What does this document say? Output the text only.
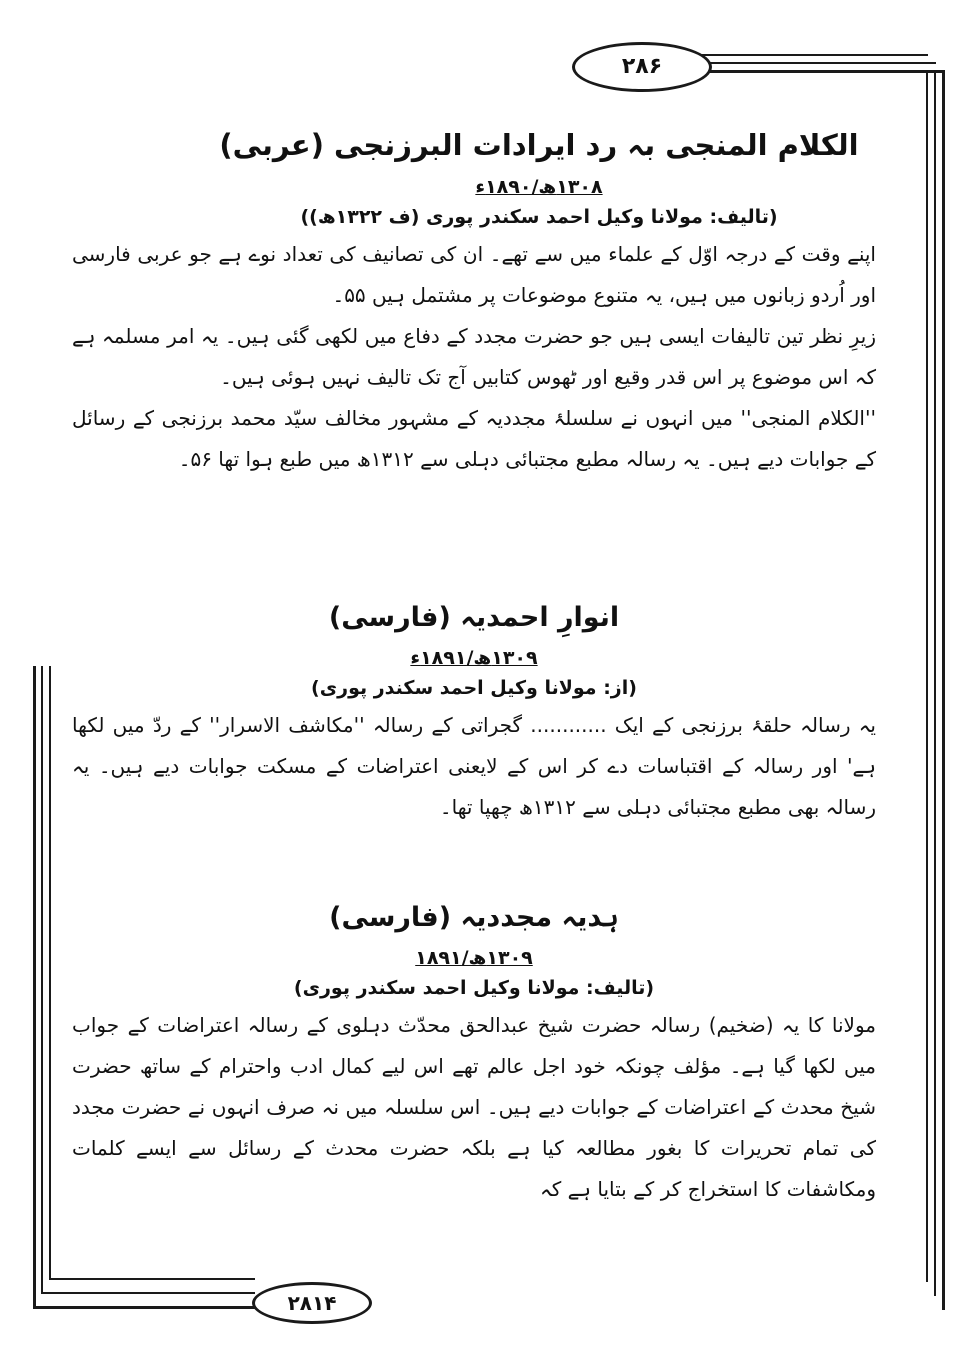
۲۸۶
۲۸۱۴
الکلام المنجی بہ رد ایرادات البرزنجی (عربی)

۱۳۰۸ھ/۱۸۹۰ء

(تالیف: مولانا وکیل احمد سکندر پوری (ف ۱۳۲۲ھ))

اپنے وقت کے درجہ اوّل کے علماء میں سے تھے۔ ان کی تصانیف کی تعداد نوے ہے جو عربی فارسی اور اُردو زبانوں میں ہیں، یہ متنوع موضوعات پر مشتمل ہیں ۵۵۔

زیرِ نظر تین تالیفات ایسی ہیں جو حضرت مجدد کے دفاع میں لکھی گئی ہیں۔ یہ امر مسلمہ ہے کہ اس موضوع پر اس قدر وقیع اور ٹھوس کتابیں آج تک تالیف نہیں ہوئی ہیں۔

''الکلام المنجی'' میں انہوں نے سلسلۂ مجددیہ کے مشہور مخالف سیّد محمد برزنجی کے رسائل کے جوابات دیے ہیں۔ یہ رسالہ مطبع مجتبائی دہلی سے ۱۳۱۲ھ میں طبع ہوا تھا ۵۶۔

انوارِ احمدیہ (فارسی)

۱۳۰۹ھ/۱۸۹۱ء

(از: مولانا وکیل احمد سکندر پوری)

یہ رسالہ حلقۂ برزنجی کے ایک ............ گجراتی کے رسالہ ''مکاشف الاسرار'' کے ردّ میں لکھا ہے' اور رسالہ کے اقتباسات دے کر اس کے لایعنی اعتراضات کے مسکت جوابات دیے ہیں۔ یہ رسالہ بھی مطبع مجتبائی دہلی سے ۱۳۱۲ھ چھپا تھا۔

ہدیہ مجددیہ (فارسی)

۱۳۰۹ھ/۱۸۹۱

(تالیف: مولانا وکیل احمد سکندر پوری)

مولانا کا یہ (ضخیم) رسالہ حضرت شیخ عبدالحق محدّث دہلوی کے رسالہ اعتراضات کے جواب میں لکھا گیا ہے۔ مؤلف چونکہ خود اجل عالم تھے اس لیے کمال ادب واحترام کے ساتھ حضرت شیخ محدث کے اعتراضات کے جوابات دیے ہیں۔ اس سلسلہ میں نہ صرف انہوں نے حضرت مجدد کی تمام تحریرات کا بغور مطالعہ کیا ہے بلکہ حضرت محدث کے رسائل سے ایسے کلمات ومکاشفات کا استخراج کر کے بتایا ہے کہ
